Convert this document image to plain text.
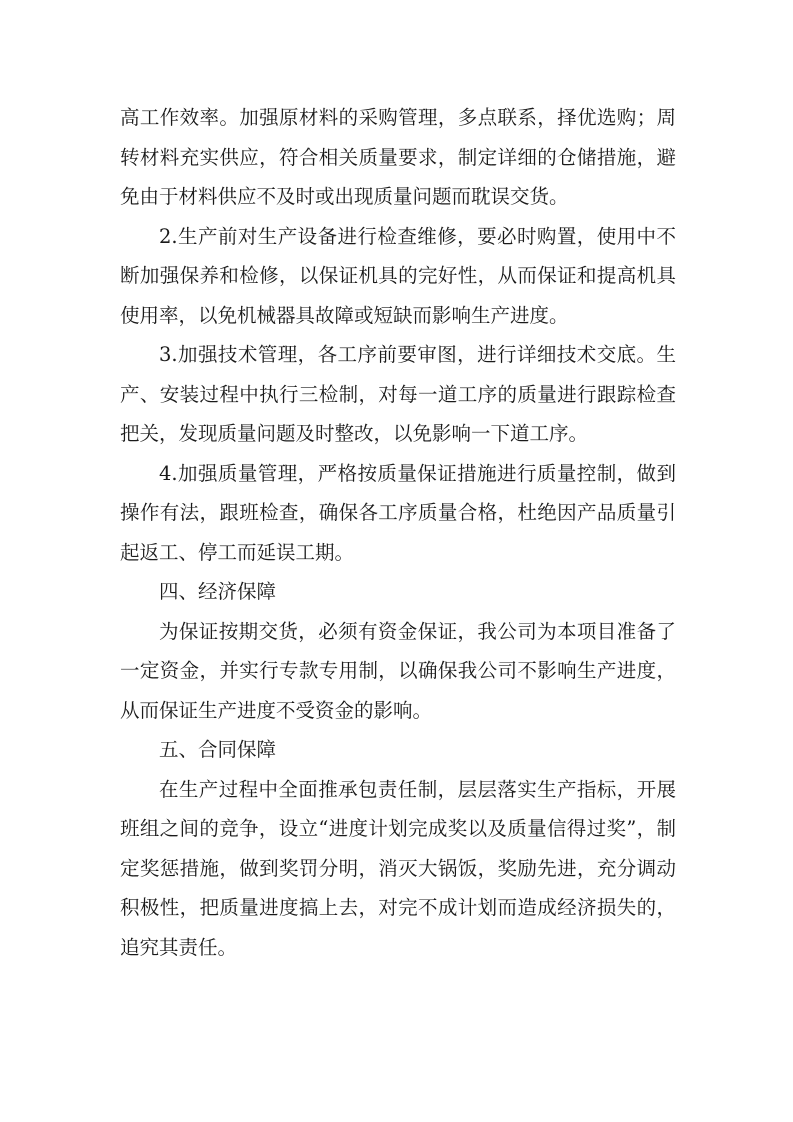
高工作效率。加强原材料的采购管理，多点联系，择优选购；周转材料充实供应，符合相关质量要求，制定详细的仓储措施，避免由于材料供应不及时或出现质量问题而耽误交货。

2.生产前对生产设备进行检查维修，要必时购置，使用中不断加强保养和检修，以保证机具的完好性，从而保证和提高机具使用率，以免机械器具故障或短缺而影响生产进度。

3.加强技术管理，各工序前要审图，进行详细技术交底。生产、安装过程中执行三检制，对每一道工序的质量进行跟踪检查把关，发现质量问题及时整改，以免影响一下道工序。

4.加强质量管理，严格按质量保证措施进行质量控制，做到操作有法，跟班检查，确保各工序质量合格，杜绝因产品质量引起返工、停工而延误工期。

四、经济保障

为保证按期交货，必须有资金保证，我公司为本项目准备了一定资金，并实行专款专用制，以确保我公司不影响生产进度，从而保证生产进度不受资金的影响。

五、合同保障

在生产过程中全面推承包责任制，层层落实生产指标，开展班组之间的竞争，设立“进度计划完成奖以及质量信得过奖”，制定奖惩措施，做到奖罚分明，消灭大锅饭，奖励先进，充分调动积极性，把质量进度搞上去，对完不成计划而造成经济损失的，追究其责任。
